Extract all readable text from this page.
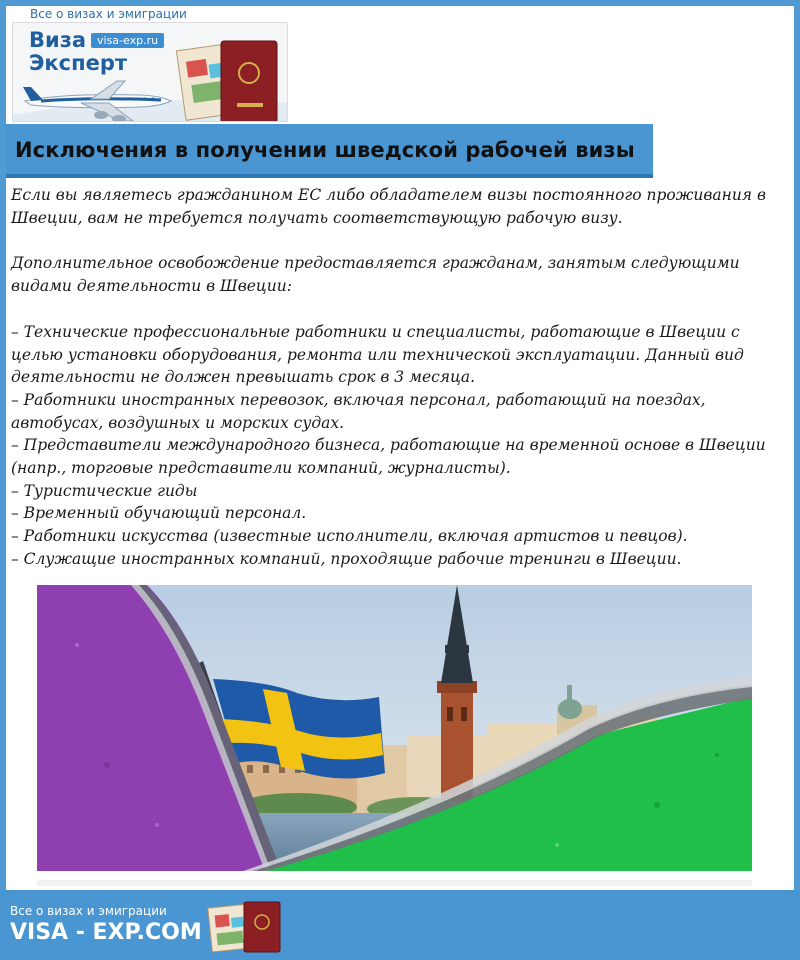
Все о визах и эмиграции
Виза
Эксперт
visa-exp.ru
Исключения в получении шведской рабочей визы

Если вы являетесь гражданином ЕС либо обладателем визы постоянного проживания в Швеции, вам не требуется получать соответствующую рабочую визу.

Дополнительное освобождение предоставляется гражданам, занятым следующими видами деятельности в Швеции:

– Технические профессиональные работники и специалисты, работающие в Швеции с целью установки оборудования, ремонта или технической эксплуатации. Данный вид деятельности не должен превышать срок в 3 месяца.

– Работники иностранных перевозок, включая персонал, работающий на поездах, автобусах, воздушных и морских судах.

– Представители международного бизнеса, работающие на временной основе в Швеции (напр., торговые представители компаний, журналисты).

– Туристические гиды

– Временный обучающий персонал.

– Работники искусства (известные исполнители, включая артистов и певцов).

– Служащие иностранных компаний, проходящие рабочие тренинги в Швеции.

Все о визах и эмиграции
VISA - EXP.COM
